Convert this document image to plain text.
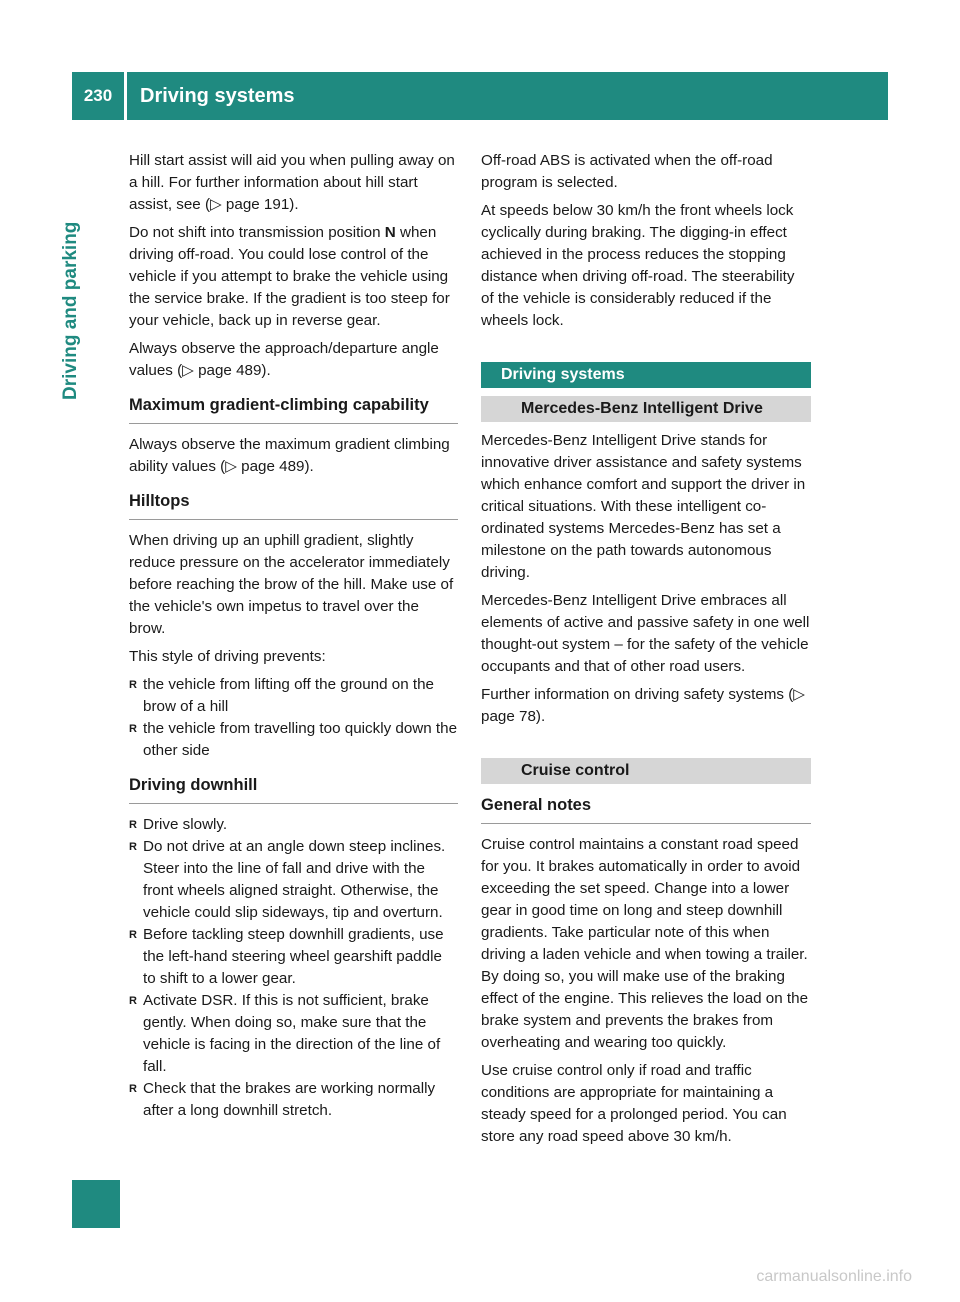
230	Driving systems
Driving and parking

Hill start assist will aid you when pulling away on a hill. For further information about hill start assist, see (▷ page 191).

Do not shift into transmission position N when driving off-road. You could lose control of the vehicle if you attempt to brake the vehicle using the service brake. If the gradient is too steep for your vehicle, back up in reverse gear.

Always observe the approach/departure angle values (▷ page 489).

Maximum gradient-climbing capability

Always observe the maximum gradient climbing ability values (▷ page 489).

Hilltops

When driving up an uphill gradient, slightly reduce pressure on the accelerator immediately before reaching the brow of the hill. Make use of the vehicle's own impetus to travel over the brow.

This style of driving prevents:

R the vehicle from lifting off the ground on the brow of a hill
R the vehicle from travelling too quickly down the other side
Driving downhill
R Drive slowly.
R Do not drive at an angle down steep inclines. Steer into the line of fall and drive with the front wheels aligned straight. Otherwise, the vehicle could slip sideways, tip and overturn.
R Before tackling steep downhill gradients, use the left-hand steering wheel gearshift paddle to shift to a lower gear.
R Activate DSR. If this is not sufficient, brake gently. When doing so, make sure that the vehicle is facing in the direction of the line of fall.
R Check that the brakes are working normally after a long downhill stretch.

Off-road ABS is activated when the off-road program is selected.

At speeds below 30 km/h the front wheels lock cyclically during braking. The digging-in effect achieved in the process reduces the stopping distance when driving off-road. The steerability of the vehicle is considerably reduced if the wheels lock.

Driving systems
Mercedes-Benz Intelligent Drive

Mercedes-Benz Intelligent Drive stands for innovative driver assistance and safety systems which enhance comfort and support the driver in critical situations. With these intelligent co-ordinated systems Mercedes-Benz has set a milestone on the path towards autonomous driving.

Mercedes-Benz Intelligent Drive embraces all elements of active and passive safety in one well thought-out system – for the safety of the vehicle occupants and that of other road users.

Further information on driving safety systems (▷ page 78).

Cruise control
General notes

Cruise control maintains a constant road speed for you. It brakes automatically in order to avoid exceeding the set speed. Change into a lower gear in good time on long and steep downhill gradients. Take particular note of this when driving a laden vehicle and when towing a trailer. By doing so, you will make use of the braking effect of the engine. This relieves the load on the brake system and prevents the brakes from overheating and wearing too quickly.

Use cruise control only if road and traffic conditions are appropriate for maintaining a steady speed for a prolonged period. You can store any road speed above 30 km/h.

carmanualsonline.info
